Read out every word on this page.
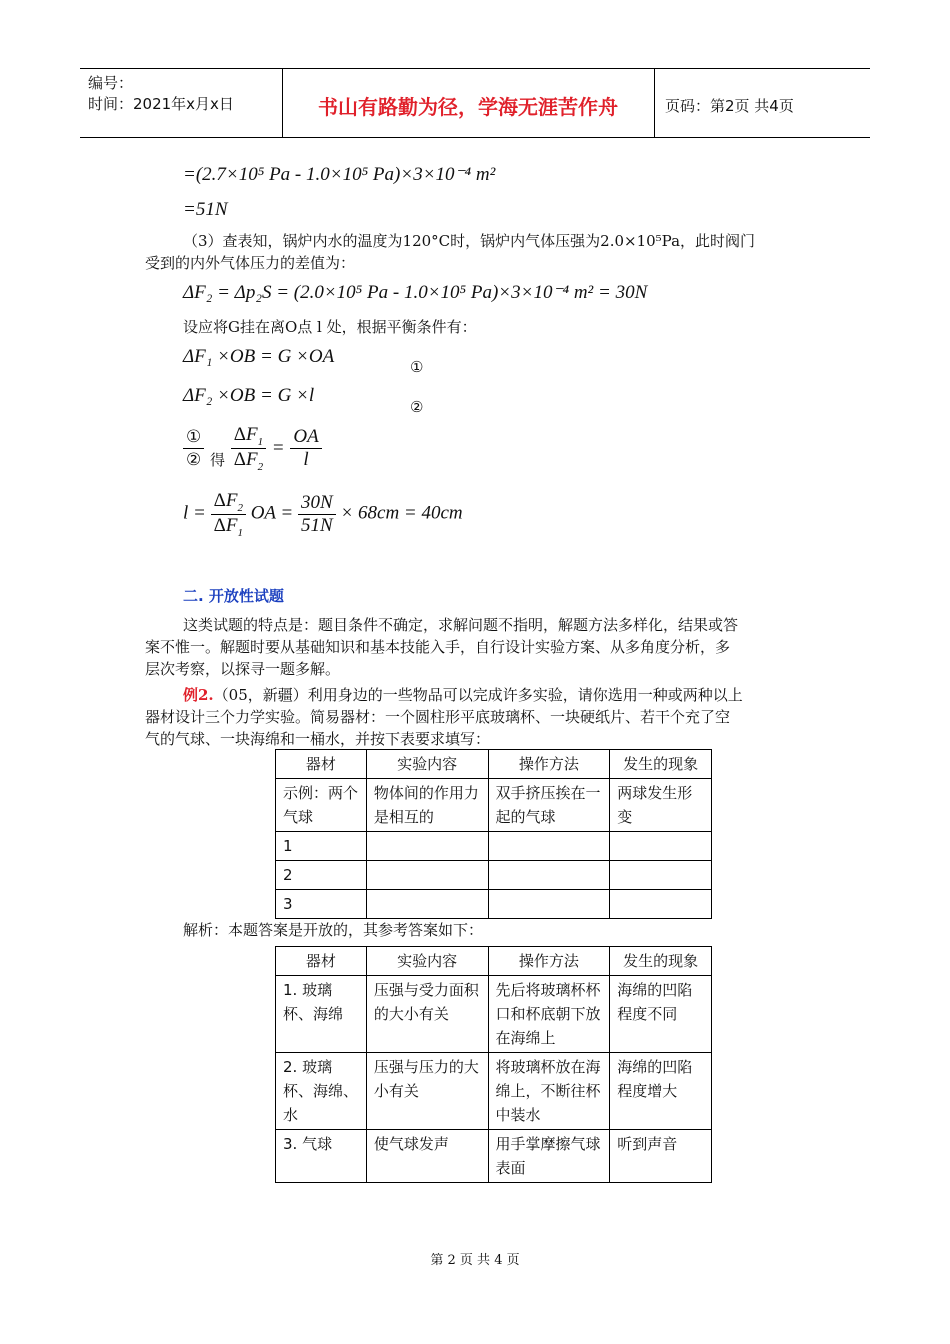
编号：
时间：2021年x月x日	书山有路勤为径，学海无涯苦作舟	页码：第2页 共4页
=(2.7×10⁵ Pa - 1.0×10⁵ Pa)×3×10⁻⁴ m²
=51N
（3）查表知，锅炉内水的温度为120°C时，锅炉内气体压强为2.0×10⁵Pa，此时阀门
受到的内外气体压力的差值为：
ΔF₂ = Δp₂S = (2.0×10⁵ Pa - 1.0×10⁵ Pa)×3×10⁻⁴ m² = 30N
设应将G挂在离O点 l 处，根据平衡条件有：
ΔF₁ ×OB = G ×OA	①
ΔF₂ ×OB = G ×l
②
$\frac{\text{①}}{\text{②}} _得 \frac{\Delta F_1}{\Delta F_2} = \frac{OA}{l}$
$l = \frac{\Delta F_2}{\Delta F_1}$ OA = $\frac{30N}{51N} \times 68cm = 40cm$
二. 开放性试题
这类试题的特点是：题目条件不确定，求解问题不指明，解题方法多样化，结果或答
案不惟一。解题时要从基础知识和基本技能入手，自行设计实验方案、从多角度分析，多
层次考察，以探寻一题多解。
例2.（05，新疆）利用身边的一些物品可以完成许多实验，请你选用一种或两种以上
器材设计三个力学实验。简易器材：一个圆柱形平底玻璃杯、一块硬纸片、若干个充了空
气的气球、一块海绵和一桶水，并按下表要求填写：
器材	实验内容	操作方法	发生的现象
示例：两个气球	物体间的作用力是相互的	双手挤压挨在一起的气球	两球发生形变
1			
2			
3			
解析：本题答案是开放的，其参考答案如下：
器材	实验内容	操作方法	发生的现象
1. 玻璃杯、海绵	压强与受力面积的大小有关	先后将玻璃杯杯口和杯底朝下放在海绵上	海绵的凹陷程度不同
2. 玻璃杯、海绵、水	压强与压力的大小有关	将玻璃杯放在海绵上，不断往杯中装水	海绵的凹陷程度增大
3. 气球	使气球发声	用手掌摩擦气球表面	听到声音
第 2 页 共 4 页
